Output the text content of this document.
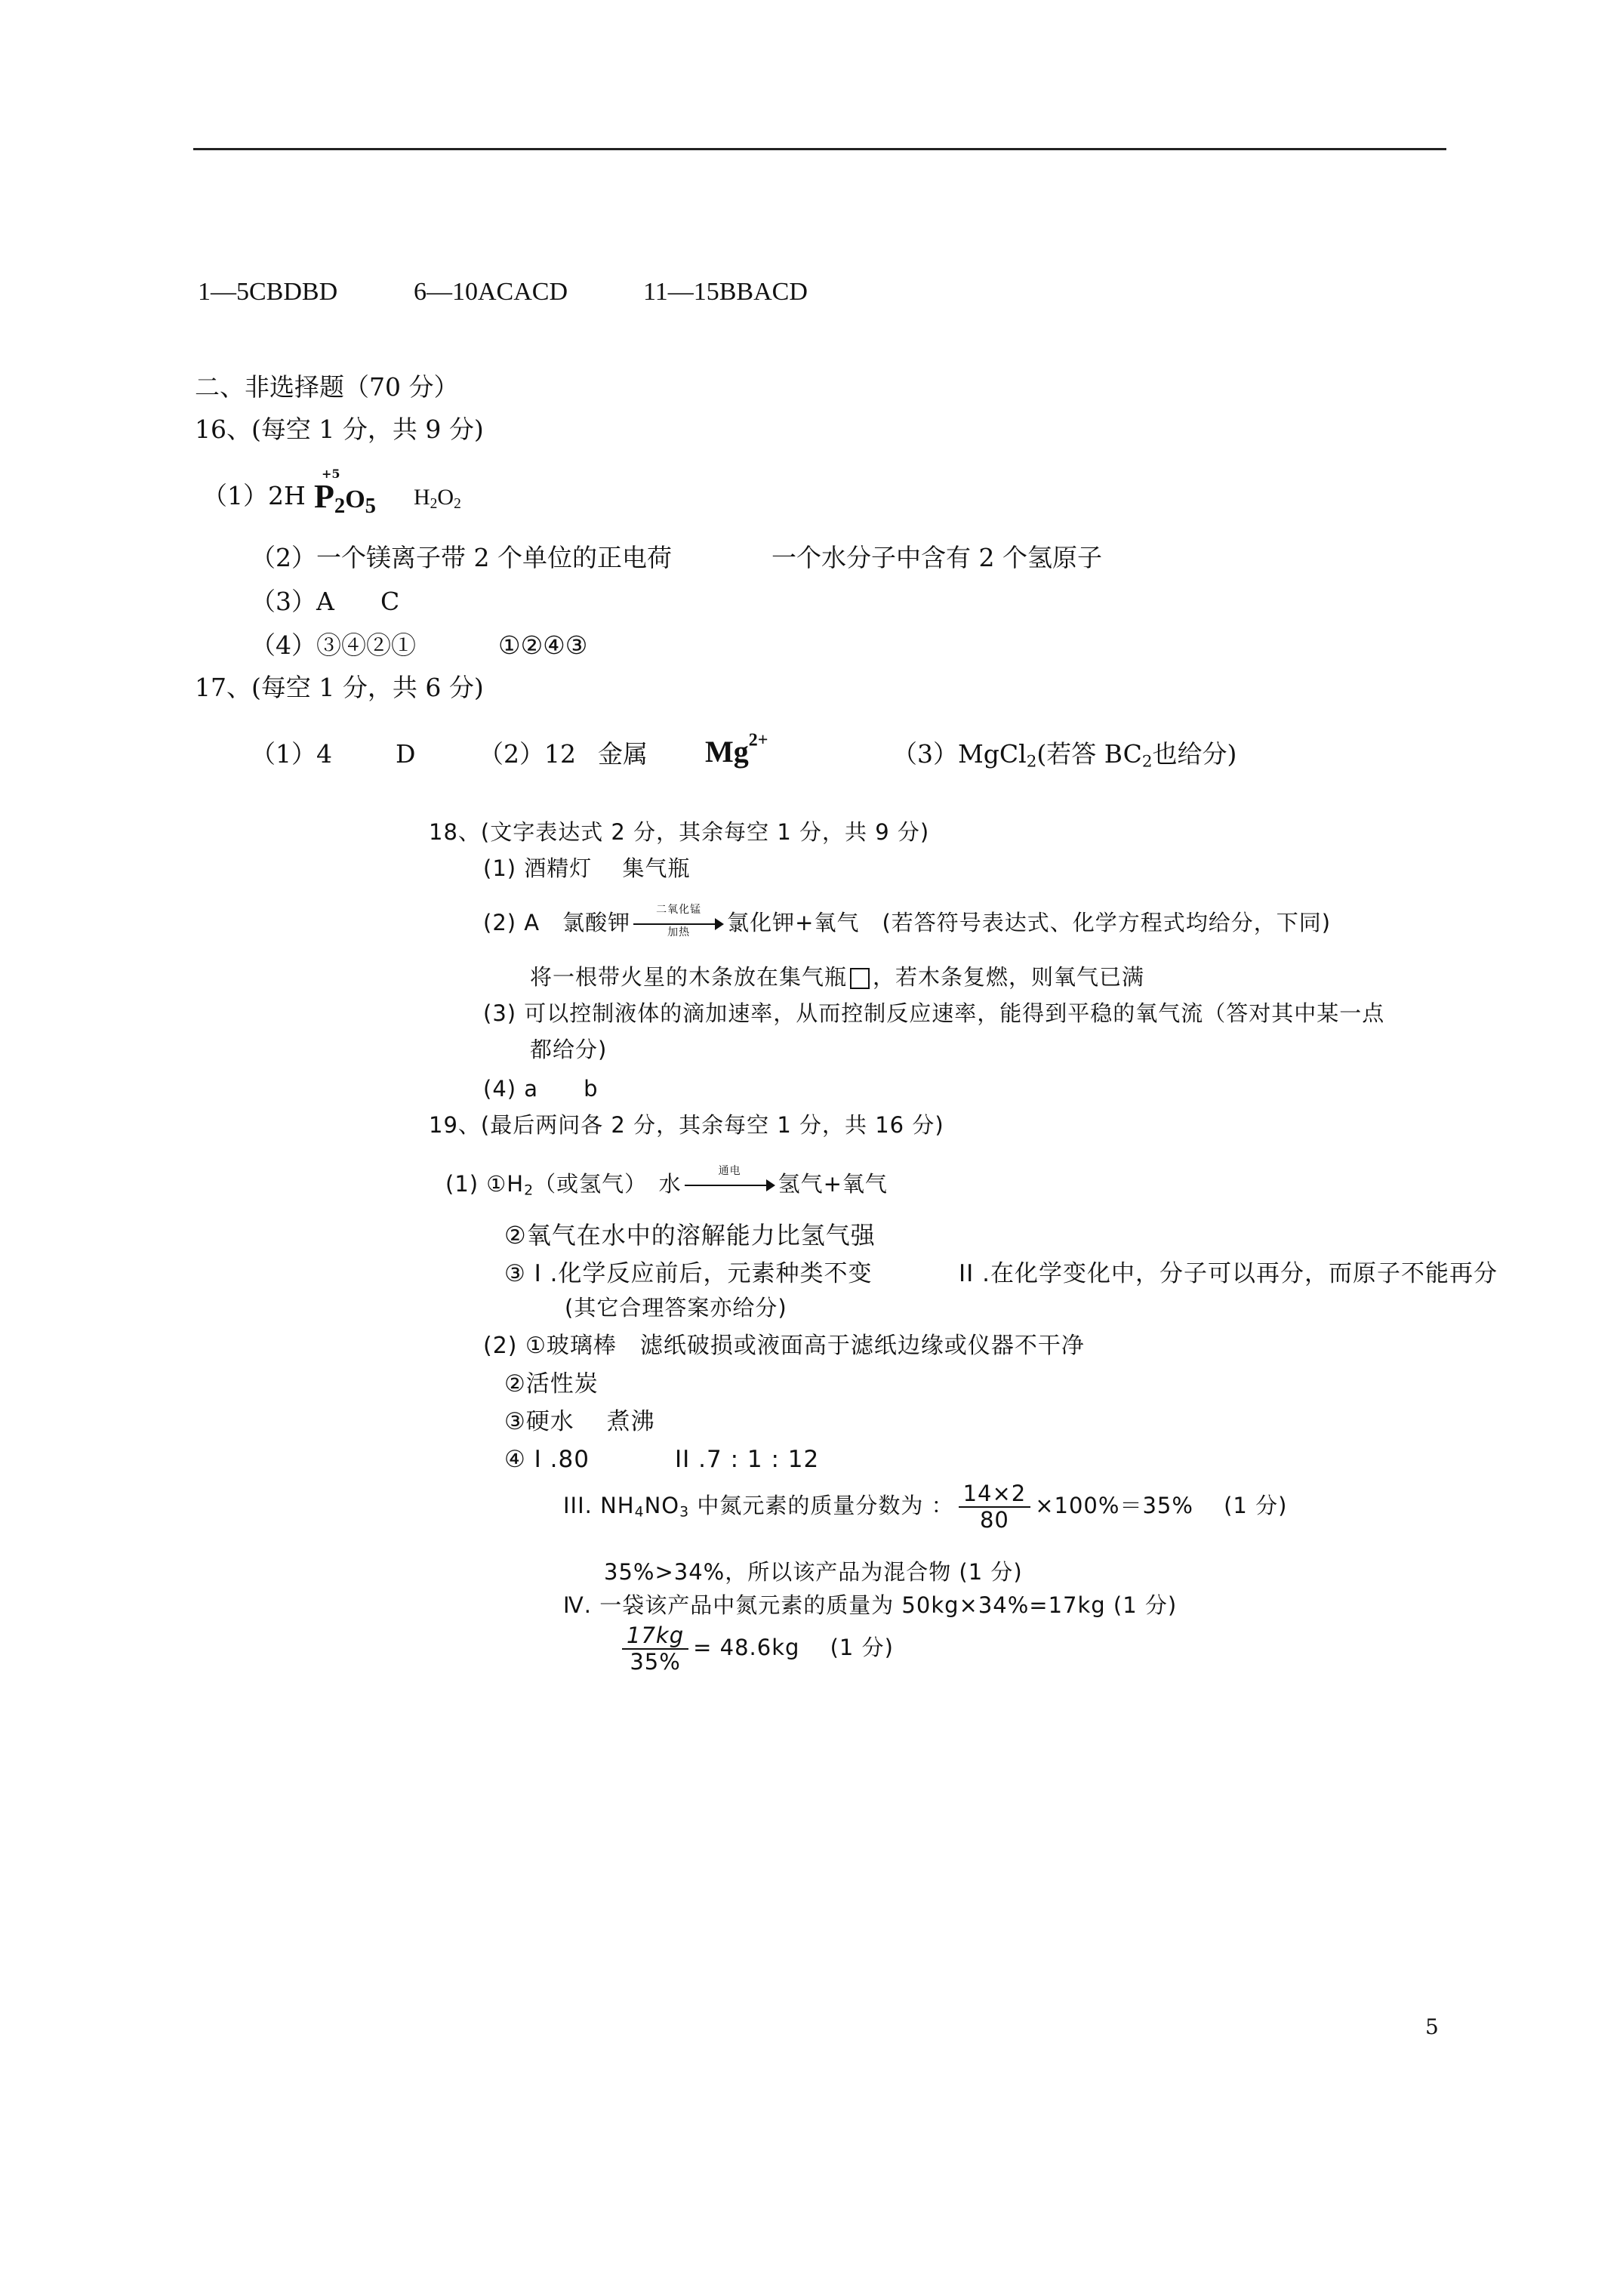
1—5CBDBD	6—10ACACD	11—15BBACD
二、非选择题（70 分）
16、(每空 1 分，共 9 分)
（1）2H
+5
$P_2O_5$ $H_2O_2$
（2）一个镁离子带 2 个单位的正电荷	一个水分子中含有 2 个氢原子
（3）A C
（4）③④②①	①②④③
17、(每空 1 分，共 6 分)
（1）4	D	（2）12 金属 $Mg^{2+}$	（3）MgCl$_2$(若答 $BC_2$也给分)
18、(文字表达式 2 分，其余每空 1 分，共 9 分)
(1) 酒精灯　 集气瓶
(2) A　氯酸钾	二氧化锰
加热	氯化钾+氧气　(若答符号表达式、化学方程式均给分，下同)
将一根带火星的木条放在集气瓶 ，若木条复燃，则氧气已满
(3) 可以控制液体的滴加速率，从而控制反应速率，能得到平稳的氧气流（答对其中某一点
都给分)
(4) a　　b
19、(最后两问各 2 分，其余每空 1 分，共 16 分)
(1) $①H_2$（或氢气）　水	通电	氢气+氧气
②氧气在水中的溶解能力比氢气强
③ I .化学反应前后，元素种类不变	II .在化学变化中，分子可以再分，而原子不能再分
(其它合理答案亦给分)
(2) ①玻璃棒　滤纸破损或液面高于滤纸边缘或仪器不干净
②活性炭
③硬水　 煮沸
④ I .80	II .7 : 1 : 12
III. $NH_4NO_3$ 中氮元素的质量分数为 ： $\frac{14\times 2}{80} \times 100\%=35\%$　 (1 分)
35%>34%，所以该产品为混合物 (1 分)
Ⅳ. 一袋该产品中氮元素的质量为 50kg×34%=17kg (1 分)
$\frac{17kg}{35\%} = 48.6kg$　 (1 分)
5
